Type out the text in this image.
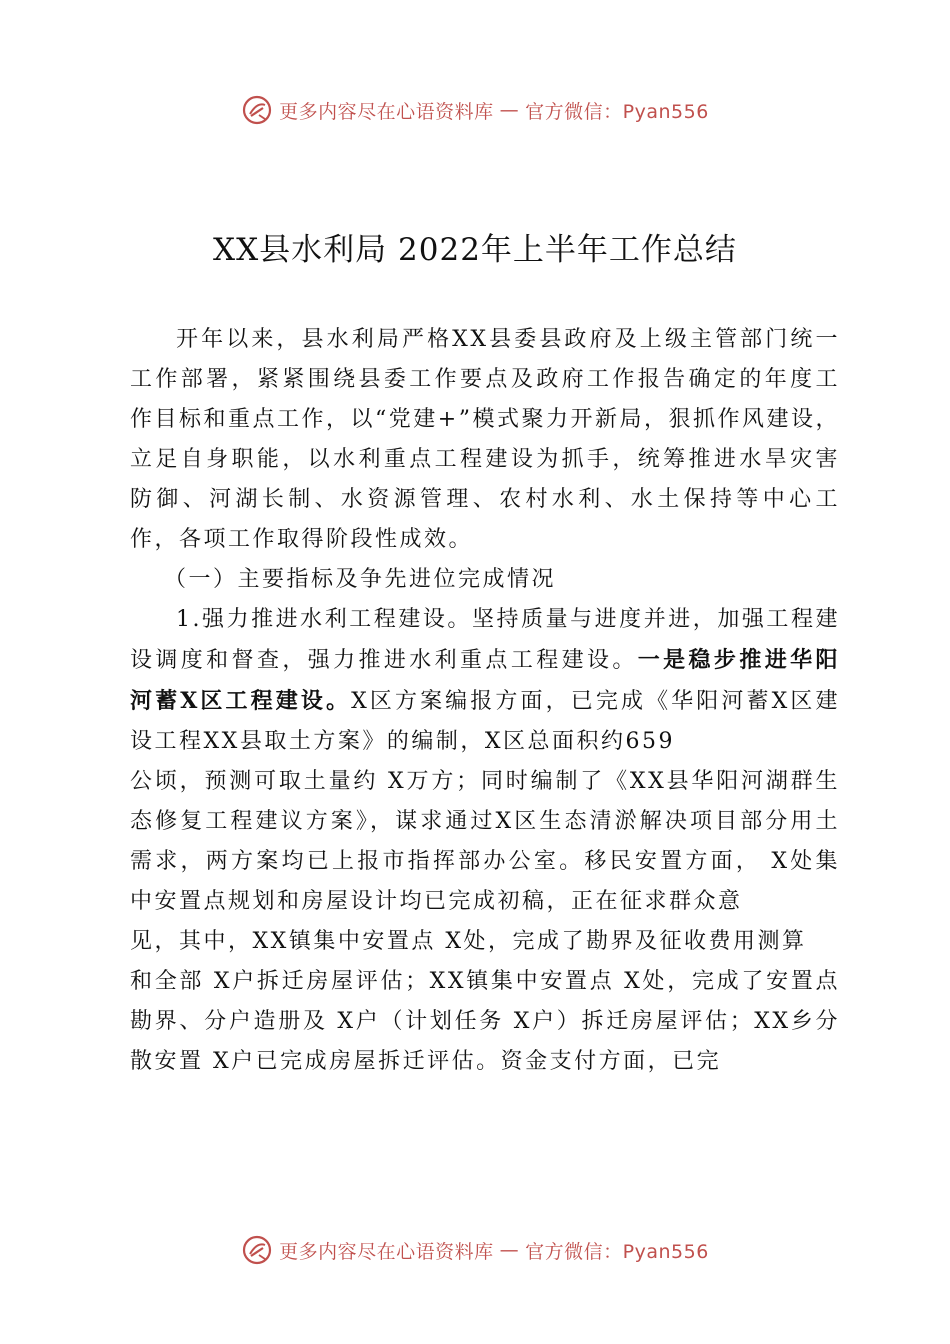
更多内容尽在心语资料库 — 官方微信：Pyan556
XX县水利局 2022年上半年工作总结

开年以来，县水利局严格XX县委县政府及上级主管部门统一工作部署，紧紧围绕县委工作要点及政府工作报告确定的年度工作目标和重点工作，以“党建+”模式聚力开新局，狠抓作风建设，立足自身职能，以水利重点工程建设为抓手，统筹推进水旱灾害防御、河湖长制、水资源管理、农村水利、水土保持等中心工作，各项工作取得阶段性成效。

（一）主要指标及争先进位完成情况

1.强力推进水利工程建设。坚持质量与进度并进，加强工程建设调度和督查，强力推进水利重点工程建设。一是稳步推进华阳河蓄X区工程建设。X区方案编报方面，已完成《华阳河蓄X区建设工程XX县取土方案》的编制，X区总面积约659

公顷，预测可取土量约 X万方；同时编制了《XX县华阳河湖群生态修复工程建议方案》，谋求通过X区生态清淤解决项目部分用土需求，两方案均已上报市指挥部办公室。移民安置方面， X处集中安置点规划和房屋设计均已完成初稿，正在征求群众意

见，其中，XX镇集中安置点 X处，完成了勘界及征收费用测算

和全部 X户拆迁房屋评估；XX镇集中安置点 X处，完成了安置点勘界、分户造册及 X户（计划任务 X户）拆迁房屋评估；XX乡分散安置 X户已完成房屋拆迁评估。资金支付方面，已完

更多内容尽在心语资料库 — 官方微信：Pyan556
